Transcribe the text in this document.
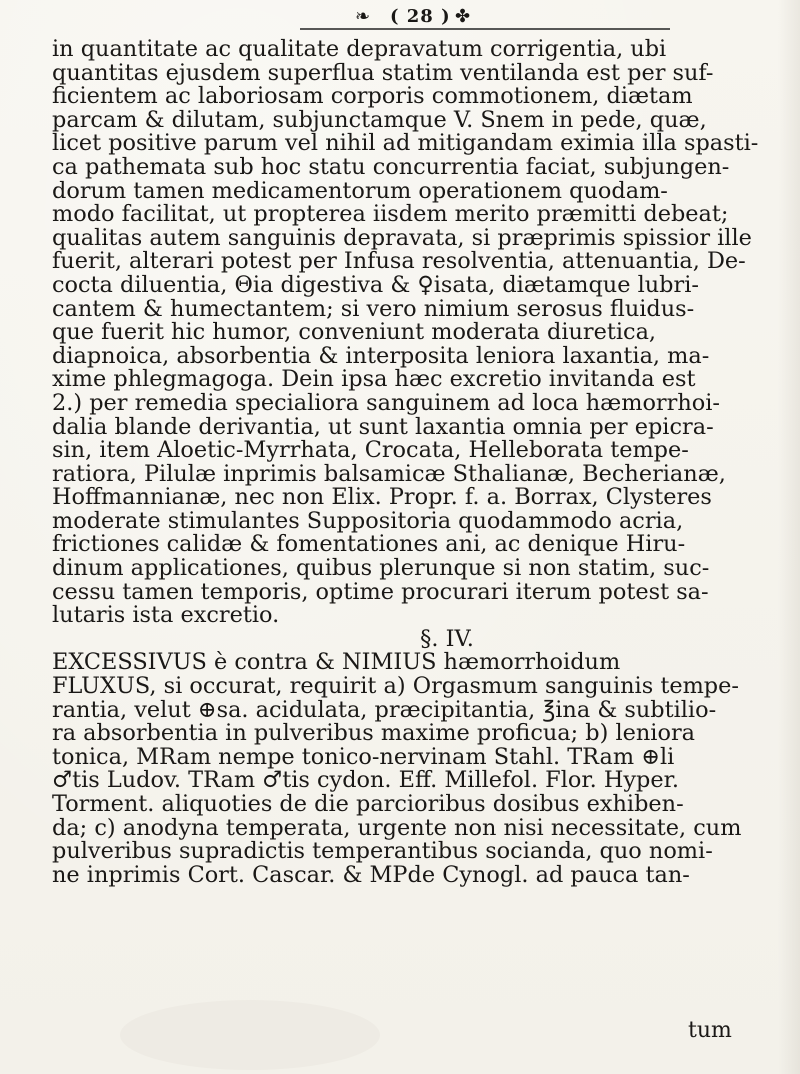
❧ ( 28 ) ✤
in quantitate ac qualitate depravatum corrigentia, ubi
quantitas ejusdem superflua statim ventilanda est per suf-
ficientem ac laboriosam corporis commotionem, diætam
parcam & dilutam, subjunctamque V. Snem in pede, quæ,
licet positive parum vel nihil ad mitigandam eximia illa spasti-
ca pathemata sub hoc statu concurrentia faciat, subjungen-
dorum tamen medicamentorum operationem quodam-
modo facilitat, ut propterea iisdem merito præmitti debeat;
qualitas autem sanguinis depravata, si præprimis spissior ille
fuerit, alterari potest per Infusa resolventia, attenuantia, De-
cocta diluentia, Θia digestiva & ♀isata, diætamque lubri-
cantem & humectantem; si vero nimium serosus fluidus-
que fuerit hic humor, conveniunt moderata diuretica,
diapnoica, absorbentia & interposita leniora laxantia, ma-
xime phlegmagoga. Dein ipsa hæc excretio invitanda est
2.) per remedia specialiora sanguinem ad loca hæmorrhoi-
dalia blande derivantia, ut sunt laxantia omnia per epicra-
sin, item Aloetic-Myrrhata, Crocata, Helleborata tempe-
ratiora, Pilulæ inprimis balsamicæ Sthalianæ, Becherianæ,
Hoffmannianæ, nec non Elix. Propr. f. a. Borrax, Clysteres
moderate stimulantes Suppositoria quodammodo acria,
frictiones calidæ & fomentationes ani, ac denique Hiru-
dinum applicationes, quibus plerunque si non statim, suc-
cessu tamen temporis, optime procurari iterum potest sa-
lutaris ista excretio.
§. IV.
EXCESSIVUS è contra & NIMIUS hæmorrhoidum
FLUXUS, si occurat, requirit a) Orgasmum sanguinis tempe-
rantia, velut ⊕sa. acidulata, præcipitantia, ℥ina & subtilio-
ra absorbentia in pulveribus maxime proficua; b) leniora
tonica, MRam nempe tonico-nervinam Stahl. TRam ⊕li
♂tis Ludov. TRam ♂tis cydon. Eff. Millefol. Flor. Hyper.
Torment. aliquoties de die parcioribus dosibus exhiben-
da; c) anodyna temperata, urgente non nisi necessitate, cum
pulveribus supradictis temperantibus socianda, quo nomi-
ne inprimis Cort. Cascar. & MPde Cynogl. ad pauca tan-
tum
